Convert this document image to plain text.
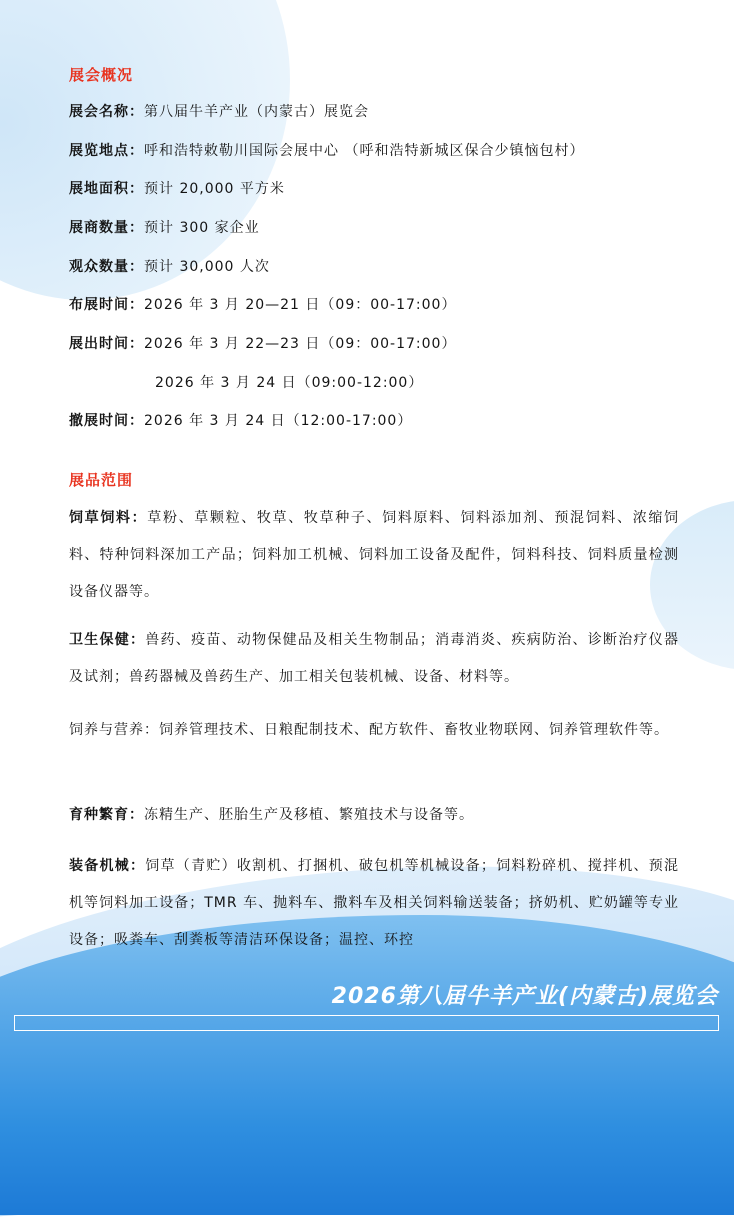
展会概况
展会名称：第八届牛羊产业（内蒙古）展览会
展览地点：呼和浩特敕勒川国际会展中心 （呼和浩特新城区保合少镇恼包村）
展地面积：预计 20,000 平方米
展商数量：预计 300 家企业
观众数量：预计 30,000 人次
布展时间：2026 年 3 月 20—21 日（09：00-17:00）
展出时间：2026 年 3 月 22—23 日（09：00-17:00）
2026 年 3 月 24 日（09:00-12:00）
撤展时间：2026 年 3 月 24 日（12:00-17:00）
展品范围
饲草饲料：草粉、草颗粒、牧草、牧草种子、饲料原料、饲料添加剂、预混饲料、浓缩饲料、特种饲料深加工产品；饲料加工机械、饲料加工设备及配件，饲料科技、饲料质量检测设备仪器等。
卫生保健：兽药、疫苗、动物保健品及相关生物制品；消毒消炎、疾病防治、诊断治疗仪器及试剂；兽药器械及兽药生产、加工相关包装机械、设备、材料等。
饲养与营养：饲养管理技术、日粮配制技术、配方软件、畜牧业物联网、饲养管理软件等。
育种繁育：冻精生产、胚胎生产及移植、繁殖技术与设备等。
装备机械：饲草（青贮）收割机、打捆机、破包机等机械设备；饲料粉碎机、搅拌机、预混机等饲料加工设备；TMR 车、抛料车、撒料车及相关饲料输送装备；挤奶机、贮奶罐等专业设备；吸粪车、刮粪板等清洁环保设备；温控、环控
2026第八届牛羊产业(内蒙古)展览会
